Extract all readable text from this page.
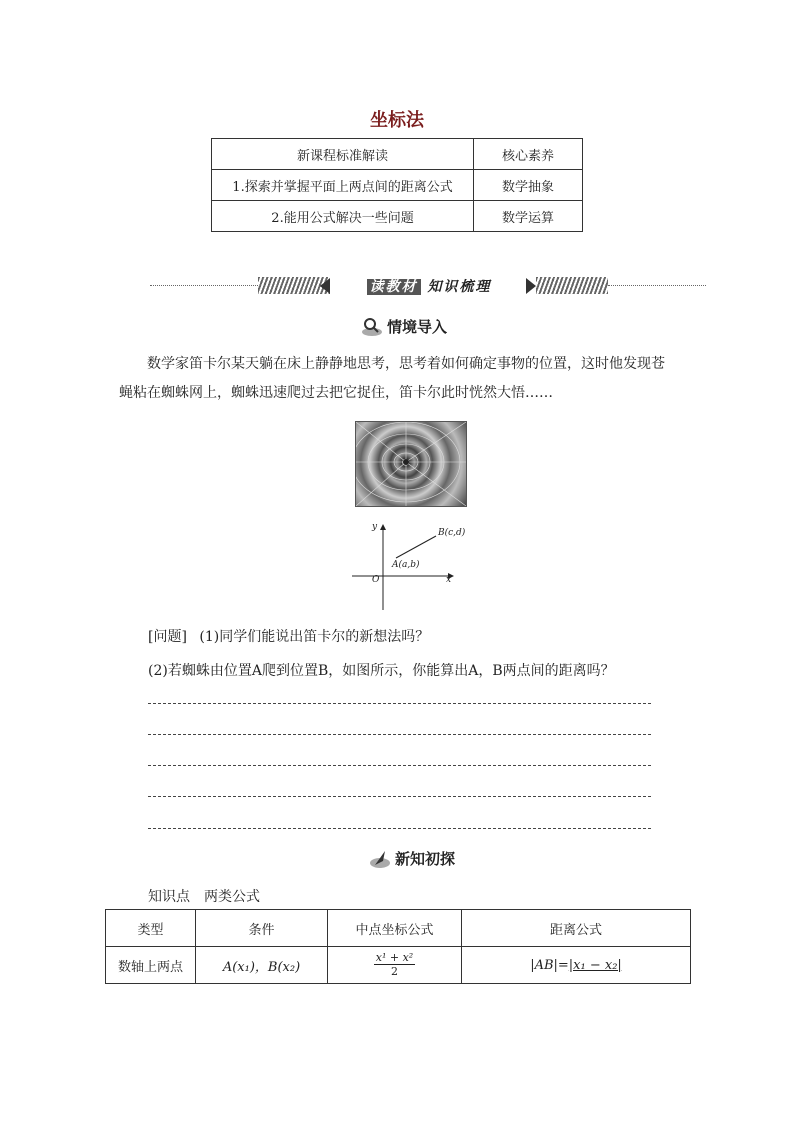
坐标法
新课程标准解读	核心素养
1.探索并掌握平面上两点间的距离公式	数学抽象
2.能用公式解决一些问题	数学运算
读教材 知识梳理
情境导入

数学家笛卡尔某天躺在床上静静地思考，思考着如何确定事物的位置，这时他发现苍蝇粘在蜘蛛网上，蜘蛛迅速爬过去把它捉住，笛卡尔此时恍然大悟……

y
x
O
A(a,b)
B(c,d)
[问题] (1)同学们能说出笛卡尔的新想法吗？
(2)若蜘蛛由位置A爬到位置B，如图所示，你能算出A，B两点间的距离吗？
新知初探
知识点　两类公式
类型	条件	中点坐标公式	距离公式
数轴上两点	A(x₁)，B(x₂)	$\frac{\text{x¹ + x²}}{2}$	|AB|=|x₁ − x₂|
